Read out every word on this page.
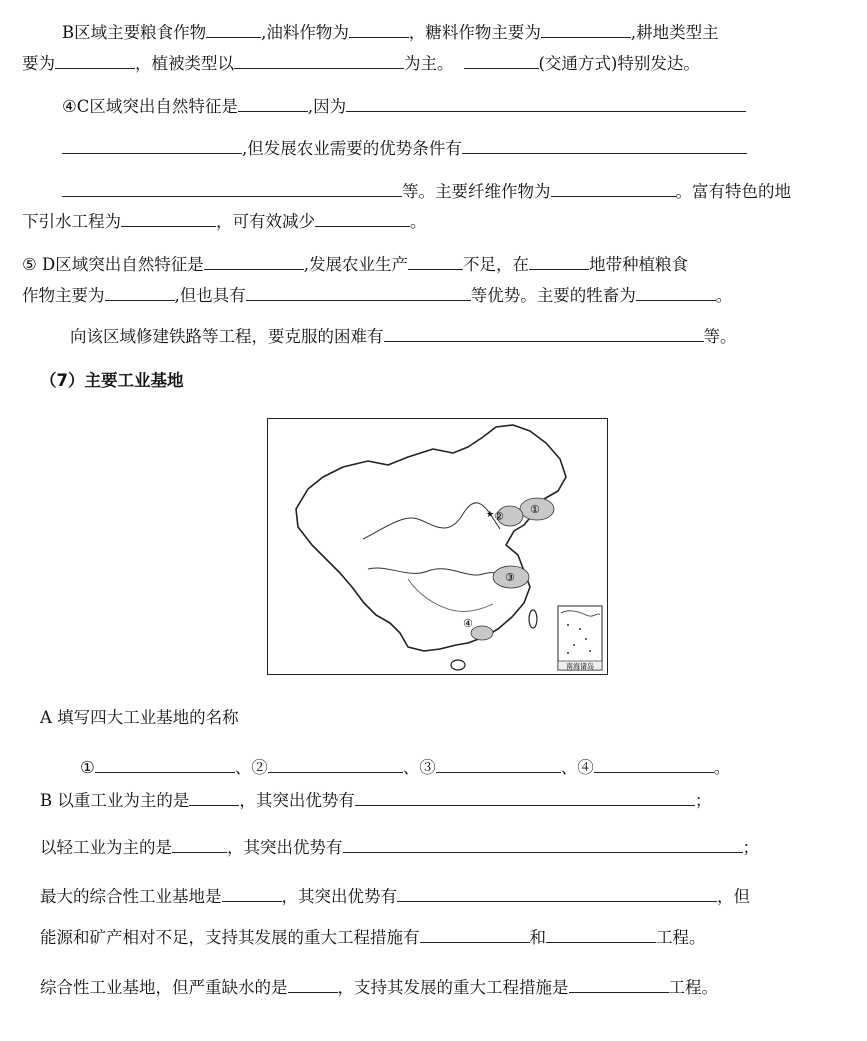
B区域主要粮食作物	,油料作物为	，糖料作物主要为	,耕地类型主
要为	，植被类型以	为主。	(交通方式)特别发达。
④C区域突出自然特征是	,因为
,但发展农业需要的优势条件有
等。主要纤维作物为	。富有特色的地
下引水工程为	，可有效减少	。
⑤ D区域突出自然特征是	,发展农业生产	不足，在	地带种植粮食
作物主要为	,但也具有	等优势。主要的牲畜为	。
向该区域修建铁路等工程，要克服的困难有	等。
（7）主要工业基地
★	①
②
③
④
南海诸岛
A 填写四大工业基地的名称
①	、②	、③	、④	。
B 以重工业为主的是	，其突出优势有	；
以轻工业为主的是	，其突出优势有	；
最大的综合性工业基地是	，其突出优势有	，但
能源和矿产相对不足，支持其发展的重大工程措施有	和	工程。
综合性工业基地，但严重缺水的是	，支持其发展的重大工程措施是	工程。
